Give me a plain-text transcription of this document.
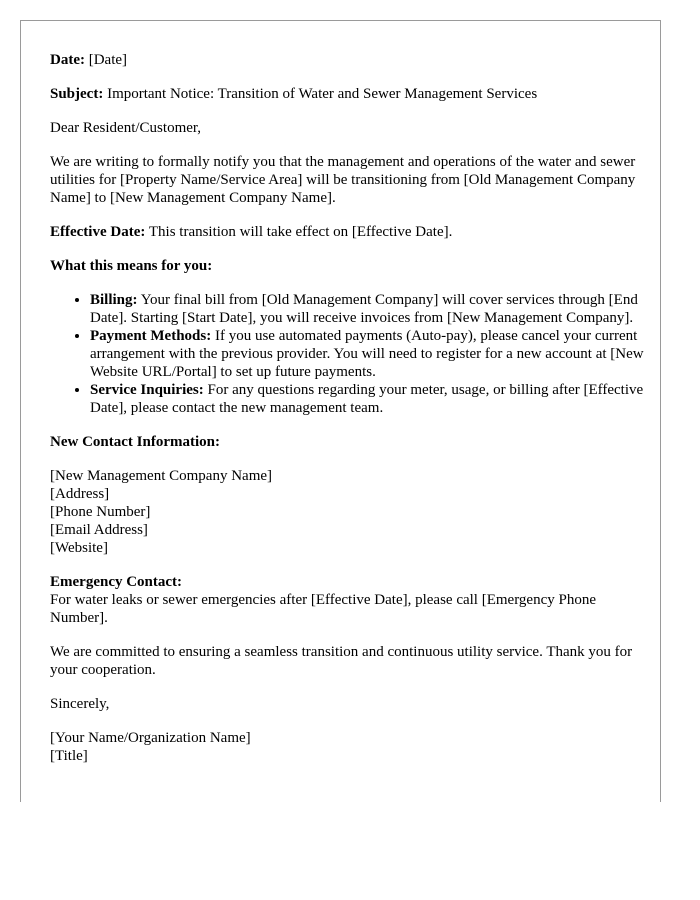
Date: [Date]

Subject: Important Notice: Transition of Water and Sewer Management Services

Dear Resident/Customer,

We are writing to formally notify you that the management and operations of the water and sewer utilities for [Property Name/Service Area] will be transitioning from [Old Management Company Name] to [New Management Company Name].

Effective Date: This transition will take effect on [Effective Date].

What this means for you:

• Billing: Your final bill from [Old Management Company] will cover services through [End Date]. Starting [Start Date], you will receive invoices from [New Management Company].
• Payment Methods: If you use automated payments (Auto-pay), please cancel your current arrangement with the previous provider. You will need to register for a new account at [New Website URL/Portal] to set up future payments.
• Service Inquiries: For any questions regarding your meter, usage, or billing after [Effective Date], please contact the new management team.

New Contact Information:

[New Management Company Name]
[Address]
[Phone Number]
[Email Address]
[Website]

Emergency Contact:
For water leaks or sewer emergencies after [Effective Date], please call [Emergency Phone Number].

We are committed to ensuring a seamless transition and continuous utility service. Thank you for your cooperation.

Sincerely,

[Your Name/Organization Name]
[Title]
